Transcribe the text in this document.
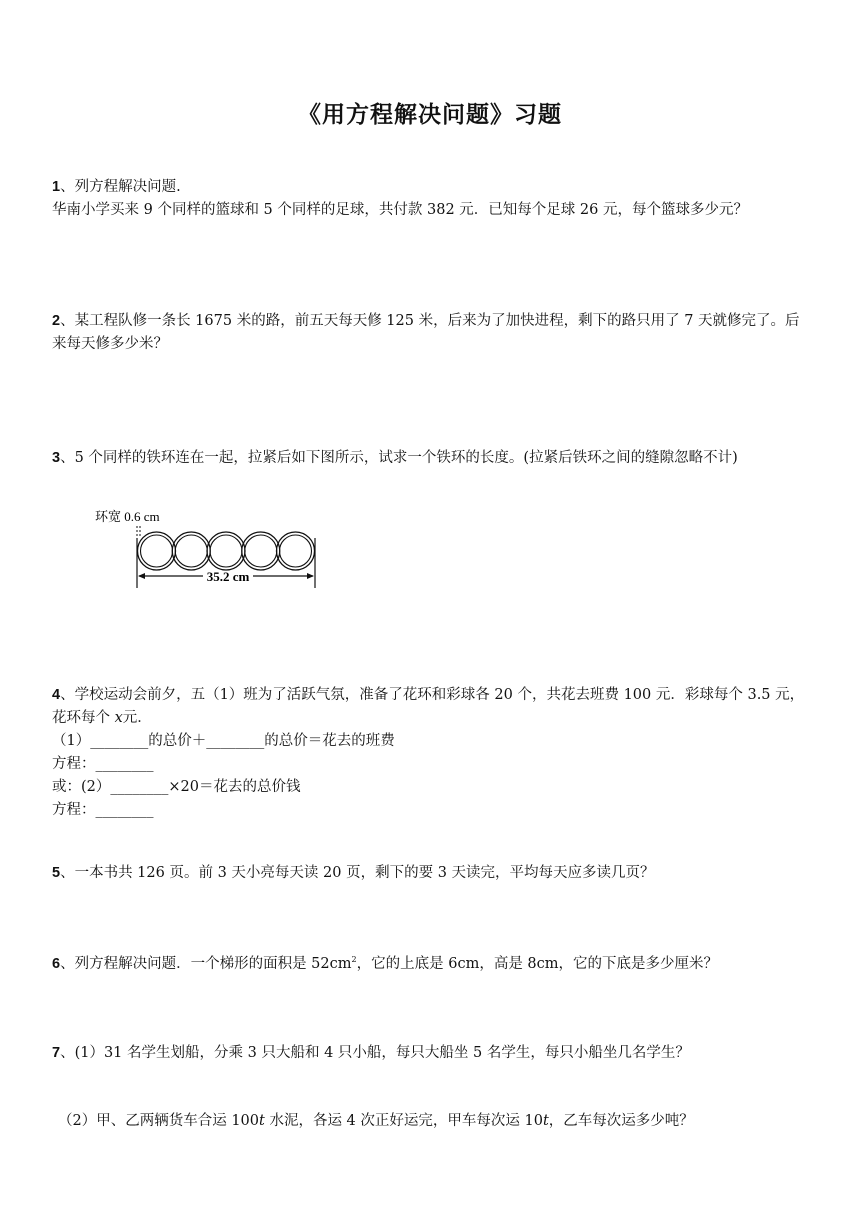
《用方程解决问题》习题

1、列方程解决问题.

华南小学买来 9 个同样的篮球和 5 个同样的足球，共付款 382 元．已知每个足球 26 元，每个篮球多少元？

2、某工程队修一条长 1675 米的路，前五天每天修 125 米，后来为了加快进程，剩下的路只用了 7 天就修完了。后来每天修多少米？

3、5 个同样的铁环连在一起，拉紧后如下图所示，试求一个铁环的长度。(拉紧后铁环之间的缝隙忽略不计)

环宽 0.6 cm
35.2 cm

4、学校运动会前夕，五（1）班为了活跃气氛，准备了花环和彩球各 20 个，共花去班费 100 元．彩球每个 3.5 元，花环每个 x元．

（1）________的总价＋________的总价＝花去的班费

方程：________

或：(2）________×20＝花去的总价钱

方程：________

5、一本书共 126 页。前 3 天小亮每天读 20 页，剩下的要 3 天读完，平均每天应多读几页？

6、列方程解决问题．一个梯形的面积是 $52cm^2$，它的上底是 6cm，高是 8cm，它的下底是多少厘米？

7、(1）31 名学生划船，分乘 3 只大船和 4 只小船，每只大船坐 5 名学生，每只小船坐几名学生？

（2）甲、乙两辆货车合运 100t 水泥，各运 4 次正好运完，甲车每次运 10t，乙车每次运多少吨？
